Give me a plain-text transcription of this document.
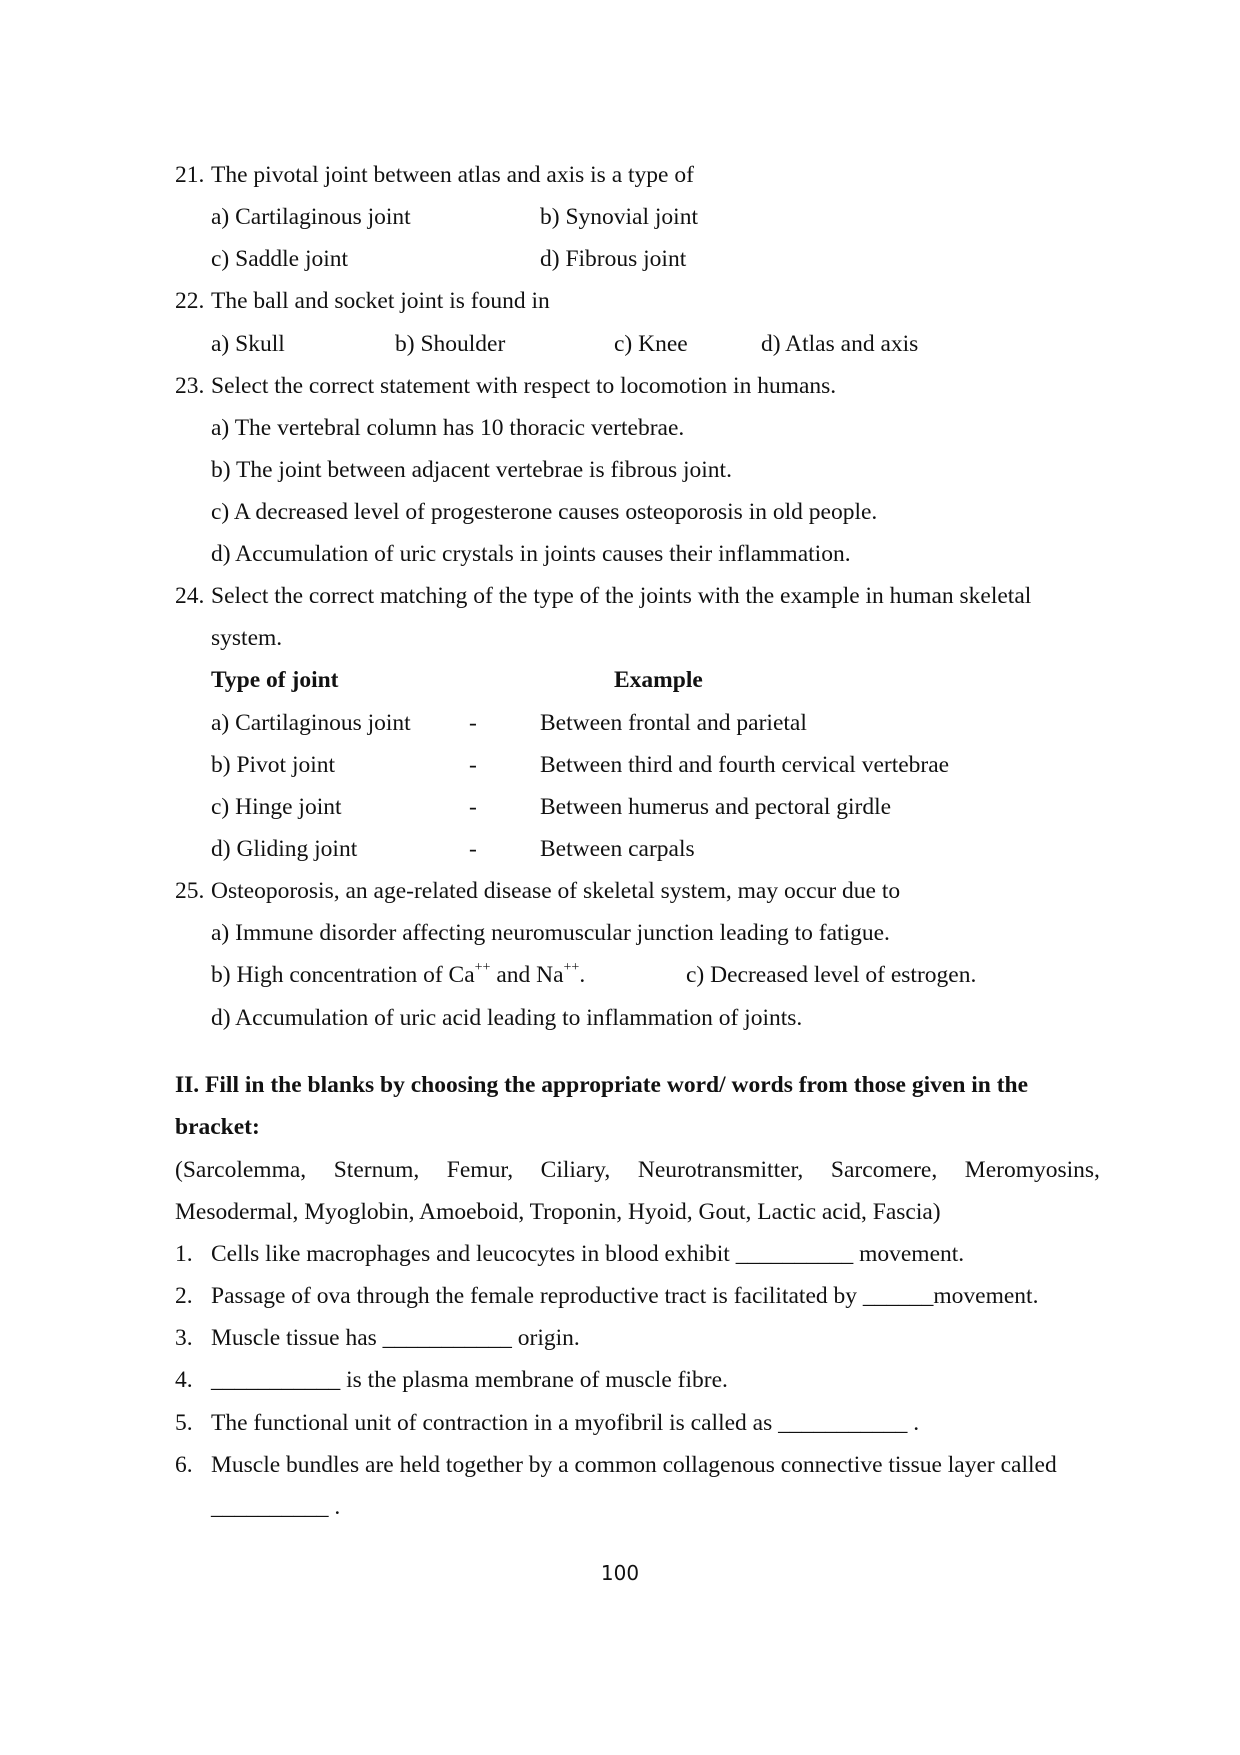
21. The pivotal joint between atlas and axis is a type of
a) Cartilaginous joint	b) Synovial joint
c) Saddle joint	d) Fibrous joint
22. The ball and socket joint is found in
a) Skull	b) Shoulder	c) Knee	d) Atlas and axis
23. Select the correct statement with respect to locomotion in humans.
a) The vertebral column has 10 thoracic vertebrae.
b) The joint between adjacent vertebrae is fibrous joint.
c) A decreased level of progesterone causes osteoporosis in old people.
d) Accumulation of uric crystals in joints causes their inflammation.
24. Select the correct matching of the type of the joints with the example in human skeletal
system.
Type of joint	Example
a) Cartilaginous joint -	Between frontal and parietal
b) Pivot joint	-	Between third and fourth cervical vertebrae
c) Hinge joint	-	Between humerus and pectoral girdle
d) Gliding joint	-	Between carpals
25. Osteoporosis, an age-related disease of skeletal system, may occur due to
a) Immune disorder affecting neuromuscular junction leading to fatigue.
b) High concentration of Ca++ and Na++.	c) Decreased level of estrogen.
d) Accumulation of uric acid leading to inflammation of joints.
II. Fill in the blanks by choosing the appropriate word/ words from those given in the
bracket:
(Sarcolemma, Sternum, Femur, Ciliary, Neurotransmitter, Sarcomere, Meromyosins,
Mesodermal, Myoglobin, Amoeboid, Troponin, Hyoid, Gout, Lactic acid, Fascia)
1. Cells like macrophages and leucocytes in blood exhibit __________ movement.
2. Passage of ova through the female reproductive tract is facilitated by ______movement.
3. Muscle tissue has ___________ origin.
4. ___________ is the plasma membrane of muscle fibre.
5. The functional unit of contraction in a myofibril is called as ___________ .
6. Muscle bundles are held together by a common collagenous connective tissue layer called
__________ .
100
